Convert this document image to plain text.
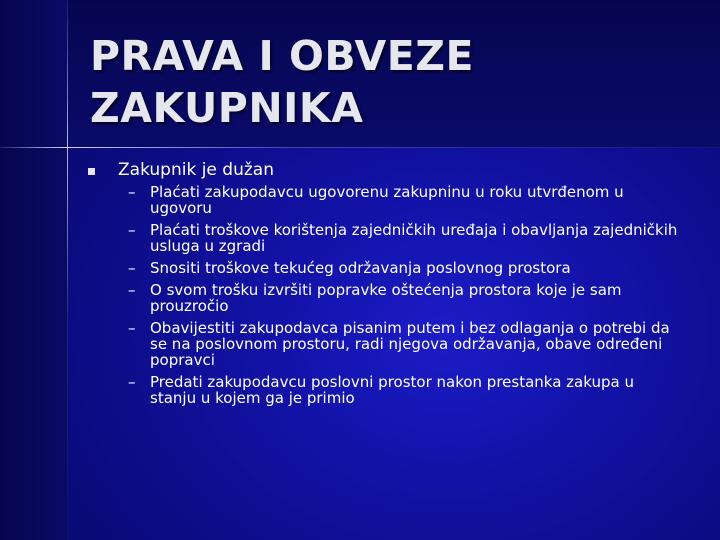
PRAVA I OBVEZE
ZAKUPNIKA
Zakupnik je dužan
– Plaćati zakupodavcu ugovorenu zakupninu u roku utvrđenom u ugovoru
– Plaćati troškove korištenja zajedničkih uređaja i obavljanja zajedničkih usluga u zgradi
– Snositi troškove tekućeg održavanja poslovnog prostora
– O svom trošku izvršiti popravke oštećenja prostora koje je sam prouzročio
– Obavijestiti zakupodavca pisanim putem i bez odlaganja o potrebi da se na poslovnom prostoru, radi njegova održavanja, obave određeni popravci
– Predati zakupodavcu poslovni prostor nakon prestanka zakupa u stanju u kojem ga je primio
